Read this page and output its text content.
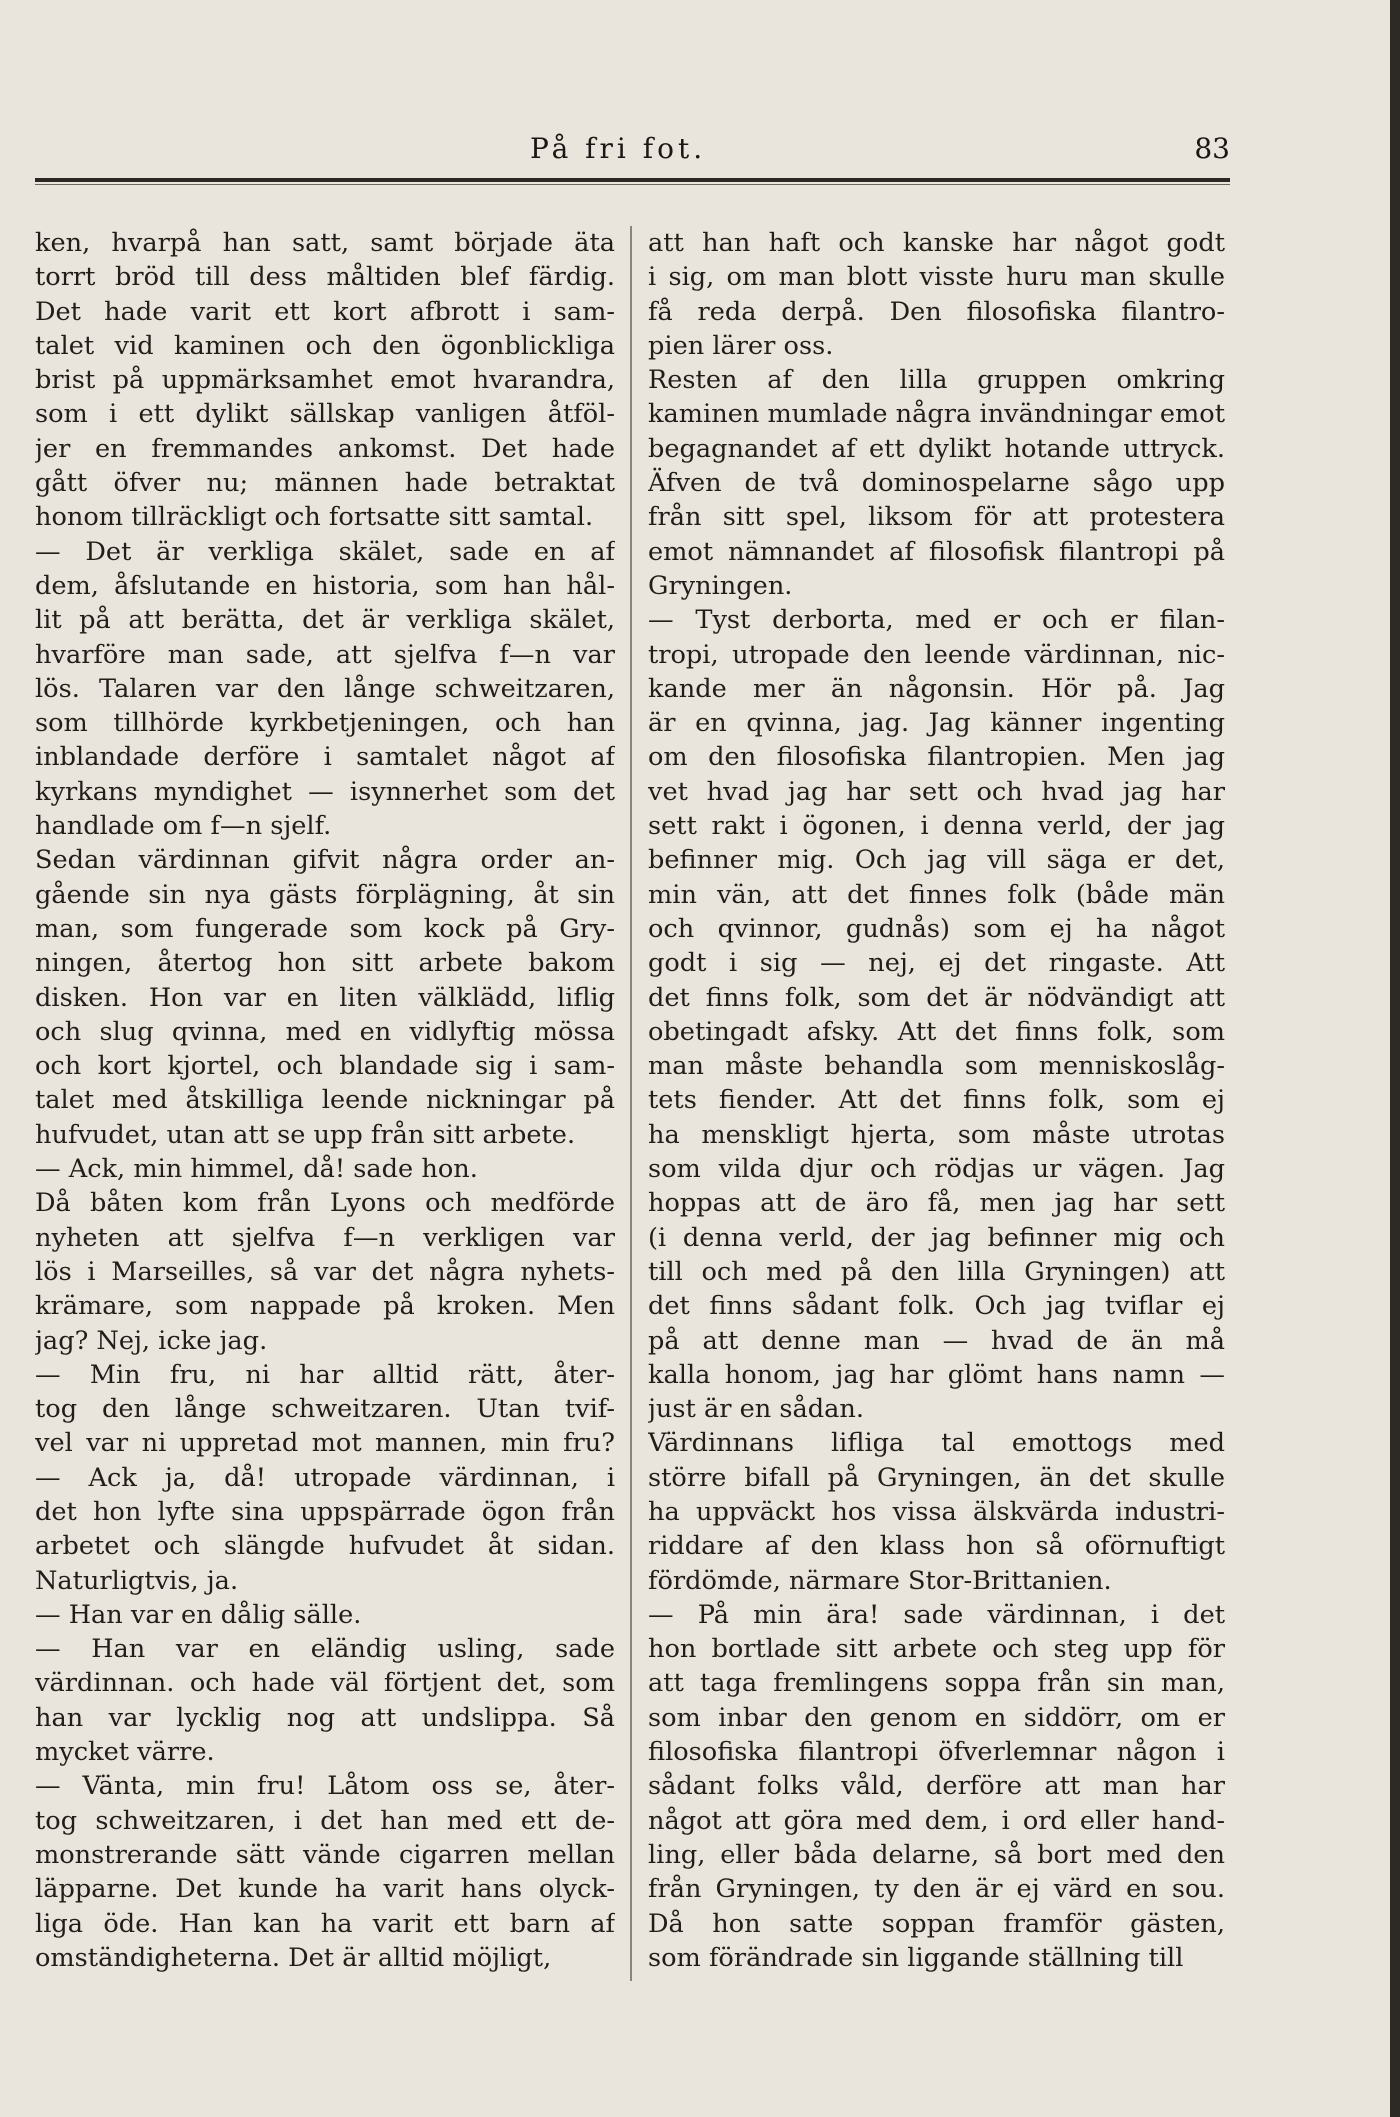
På fri fot.	83
ken, hvarpå han satt, samt började äta
torrt bröd till dess måltiden blef färdig.
Det hade varit ett kort afbrott i sam-
talet vid kaminen och den ögonblickliga
brist på uppmärksamhet emot hvarandra,
som i ett dylikt sällskap vanligen åtföl-
jer en fremmandes ankomst. Det hade
gått öfver nu; männen hade betraktat
honom tillräckligt och fortsatte sitt samtal.
— Det är verkliga skälet, sade en af
dem, åfslutande en historia, som han hål-
lit på att berätta, det är verkliga skälet,
hvarföre man sade, att sjelfva f—n var
lös. Talaren var den långe schweitzaren,
som tillhörde kyrkbetjeningen, och han
inblandade derföre i samtalet något af
kyrkans myndighet — isynnerhet som det
handlade om f—n sjelf.
Sedan värdinnan gifvit några order an-
gående sin nya gästs förplägning, åt sin
man, som fungerade som kock på Gry-
ningen, återtog hon sitt arbete bakom
disken. Hon var en liten välklädd, liflig
och slug qvinna, med en vidlyftig mössa
och kort kjortel, och blandade sig i sam-
talet med åtskilliga leende nickningar på
hufvudet, utan att se upp från sitt arbete.
— Ack, min himmel, då! sade hon.
Då båten kom från Lyons och medförde
nyheten att sjelfva f—n verkligen var
lös i Marseilles, så var det några nyhets-
krämare, som nappade på kroken. Men
jag? Nej, icke jag.
— Min fru, ni har alltid rätt, åter-
tog den långe schweitzaren. Utan tvif-
vel var ni uppretad mot mannen, min fru?
— Ack ja, då! utropade värdinnan, i
det hon lyfte sina uppspärrade ögon från
arbetet och slängde hufvudet åt sidan.
Naturligtvis, ja.
— Han var en dålig sälle.
— Han var en eländig usling, sade
värdinnan. och hade väl förtjent det, som
han var lycklig nog att undslippa. Så
mycket värre.
— Vänta, min fru! Låtom oss se, åter-
tog schweitzaren, i det han med ett de-
monstrerande sätt vände cigarren mellan
läpparne. Det kunde ha varit hans olyck-
liga öde. Han kan ha varit ett barn af
omständigheterna. Det är alltid möjligt,
att han haft och kanske har något godt
i sig, om man blott visste huru man skulle
få reda derpå. Den filosofiska filantro-
pien lärer oss.
Resten af den lilla gruppen omkring
kaminen mumlade några invändningar emot
begagnandet af ett dylikt hotande uttryck.
Äfven de två dominospelarne sågo upp
från sitt spel, liksom för att protestera
emot nämnandet af filosofisk filantropi på
Gryningen.
— Tyst derborta, med er och er filan-
tropi, utropade den leende värdinnan, nic-
kande mer än någonsin. Hör på. Jag
är en qvinna, jag. Jag känner ingenting
om den filosofiska filantropien. Men jag
vet hvad jag har sett och hvad jag har
sett rakt i ögonen, i denna verld, der jag
befinner mig. Och jag vill säga er det,
min vän, att det finnes folk (både män
och qvinnor, gudnås) som ej ha något
godt i sig — nej, ej det ringaste. Att
det finns folk, som det är nödvändigt att
obetingadt afsky. Att det finns folk, som
man måste behandla som menniskoslåg-
tets fiender. Att det finns folk, som ej
ha menskligt hjerta, som måste utrotas
som vilda djur och rödjas ur vägen. Jag
hoppas att de äro få, men jag har sett
(i denna verld, der jag befinner mig och
till och med på den lilla Gryningen) att
det finns sådant folk. Och jag tviflar ej
på att denne man — hvad de än må
kalla honom, jag har glömt hans namn —
just är en sådan.
Värdinnans lifliga tal emottogs med
större bifall på Gryningen, än det skulle
ha uppväckt hos vissa älskvärda industri-
riddare af den klass hon så oförnuftigt
fördömde, närmare Stor-Brittanien.
— På min ära! sade värdinnan, i det
hon bortlade sitt arbete och steg upp för
att taga fremlingens soppa från sin man,
som inbar den genom en siddörr, om er
filosofiska filantropi öfverlemnar någon i
sådant folks våld, derföre att man har
något att göra med dem, i ord eller hand-
ling, eller båda delarne, så bort med den
från Gryningen, ty den är ej värd en sou.
Då hon satte soppan framför gästen,
som förändrade sin liggande ställning till
